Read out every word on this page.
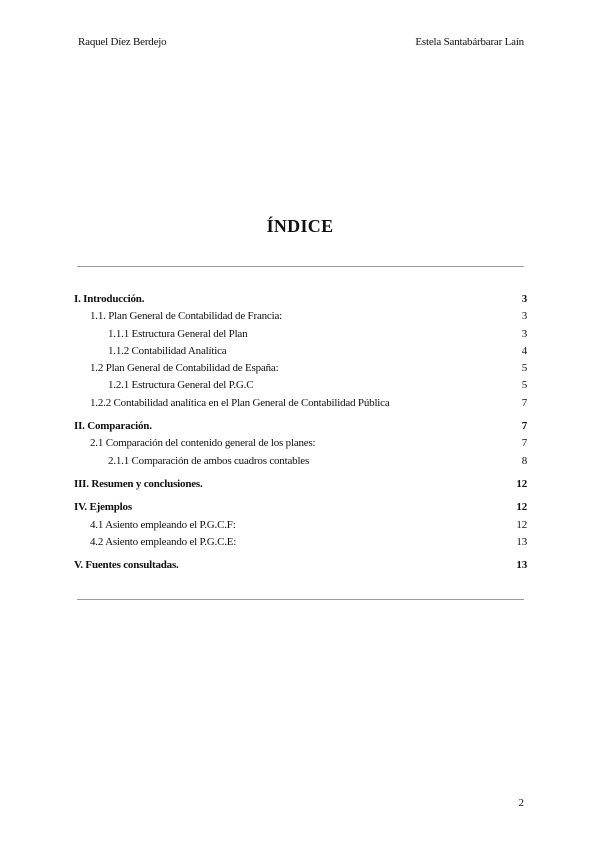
Raquel Díez Berdejo	Estela Santabárbarar Laín
ÍNDICE
I. Introducción.	3
1.1. Plan General de Contabilidad de Francia:	3
1.1.1 Estructura General del Plan	3
1.1.2 Contabilidad Analítica	4
1.2 Plan General de Contabilidad de España:	5
1.2.1 Estructura General del P.G.C	5
1.2.2 Contabilidad analítica en el Plan General de Contabilidad Pública	7
II. Comparación.	7
2.1 Comparación del contenido general de los planes:	7
2.1.1 Comparación de ambos cuadros contables	8
III. Resumen y conclusiones.	12
IV. Ejemplos	12
4.1 Asiento empleando el P.G.C.F:	12
4.2 Asiento empleando el P.G.C.E:	13
V. Fuentes consultadas.	13
2
